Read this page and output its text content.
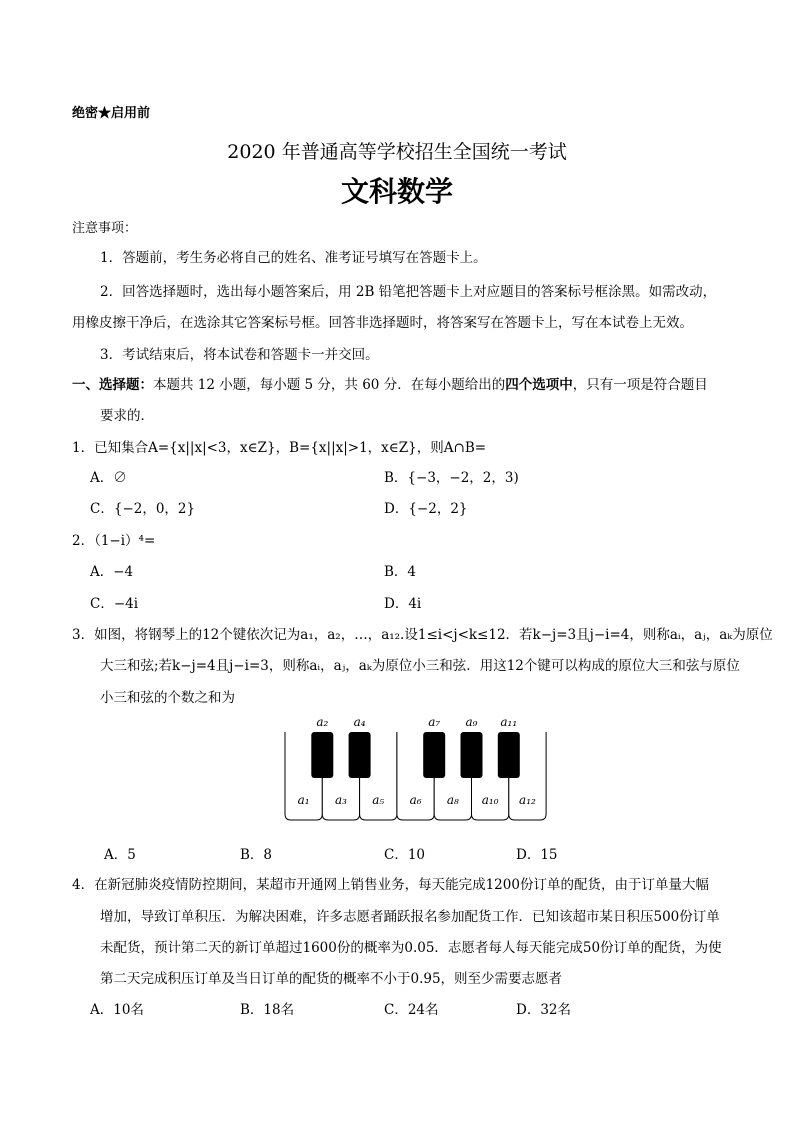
绝密★启用前
2020 年普通高等学校招生全国统一考试
文科数学
注意事项：
1．答题前，考生务必将自己的姓名、准考证号填写在答题卡上。
2．回答选择题时，选出每小题答案后，用 2B 铅笔把答题卡上对应题目的答案标号框涂黑。如需改动，
用橡皮擦干净后，在选涂其它答案标号框。回答非选择题时，将答案写在答题卡上，写在本试卷上无效。
3．考试结束后，将本试卷和答题卡一并交回。
一、选择题：本题共 12 小题，每小题 5 分，共 60 分．在每小题给出的四个选项中，只有一项是符合题目
要求的．
1．已知集合A={x||x|<3，x∈Z}，B={x||x|>1，x∈Z}，则A∩B=
A．∅	B．{−3，−2，2，3)
C．{−2，0，2}	D．{−2，2}
2．（1−i）⁴=
A．−4	B．4
C．−4i	D．4i
3．如图，将钢琴上的12个键依次记为a₁，a₂，…，a₁₂.设1≤i<j<k≤12．若k−j=3且j−i=4，则称aᵢ，aⱼ，aₖ为原位
大三和弦;若k−j=4且j−i=3，则称aᵢ，aⱼ，aₖ为原位小三和弦．用这12个键可以构成的原位大三和弦与原位
小三和弦的个数之和为
a₁ a₃ a₅ a₆ a₈ a₁₀ a₁₂
a₂ a₄	a₇ a₉ a₁₁
A．5	B．8	C．10	D．15
4．在新冠肺炎疫情防控期间，某超市开通网上销售业务，每天能完成1200份订单的配货，由于订单量大幅
增加，导致订单积压．为解决困难，许多志愿者踊跃报名参加配货工作．已知该超市某日积压500份订单
未配货，预计第二天的新订单超过1600份的概率为0.05．志愿者每人每天能完成50份订单的配货，为使
第二天完成积压订单及当日订单的配货的概率不小于0.95，则至少需要志愿者
A．10名	B．18名	C．24名	D．32名
